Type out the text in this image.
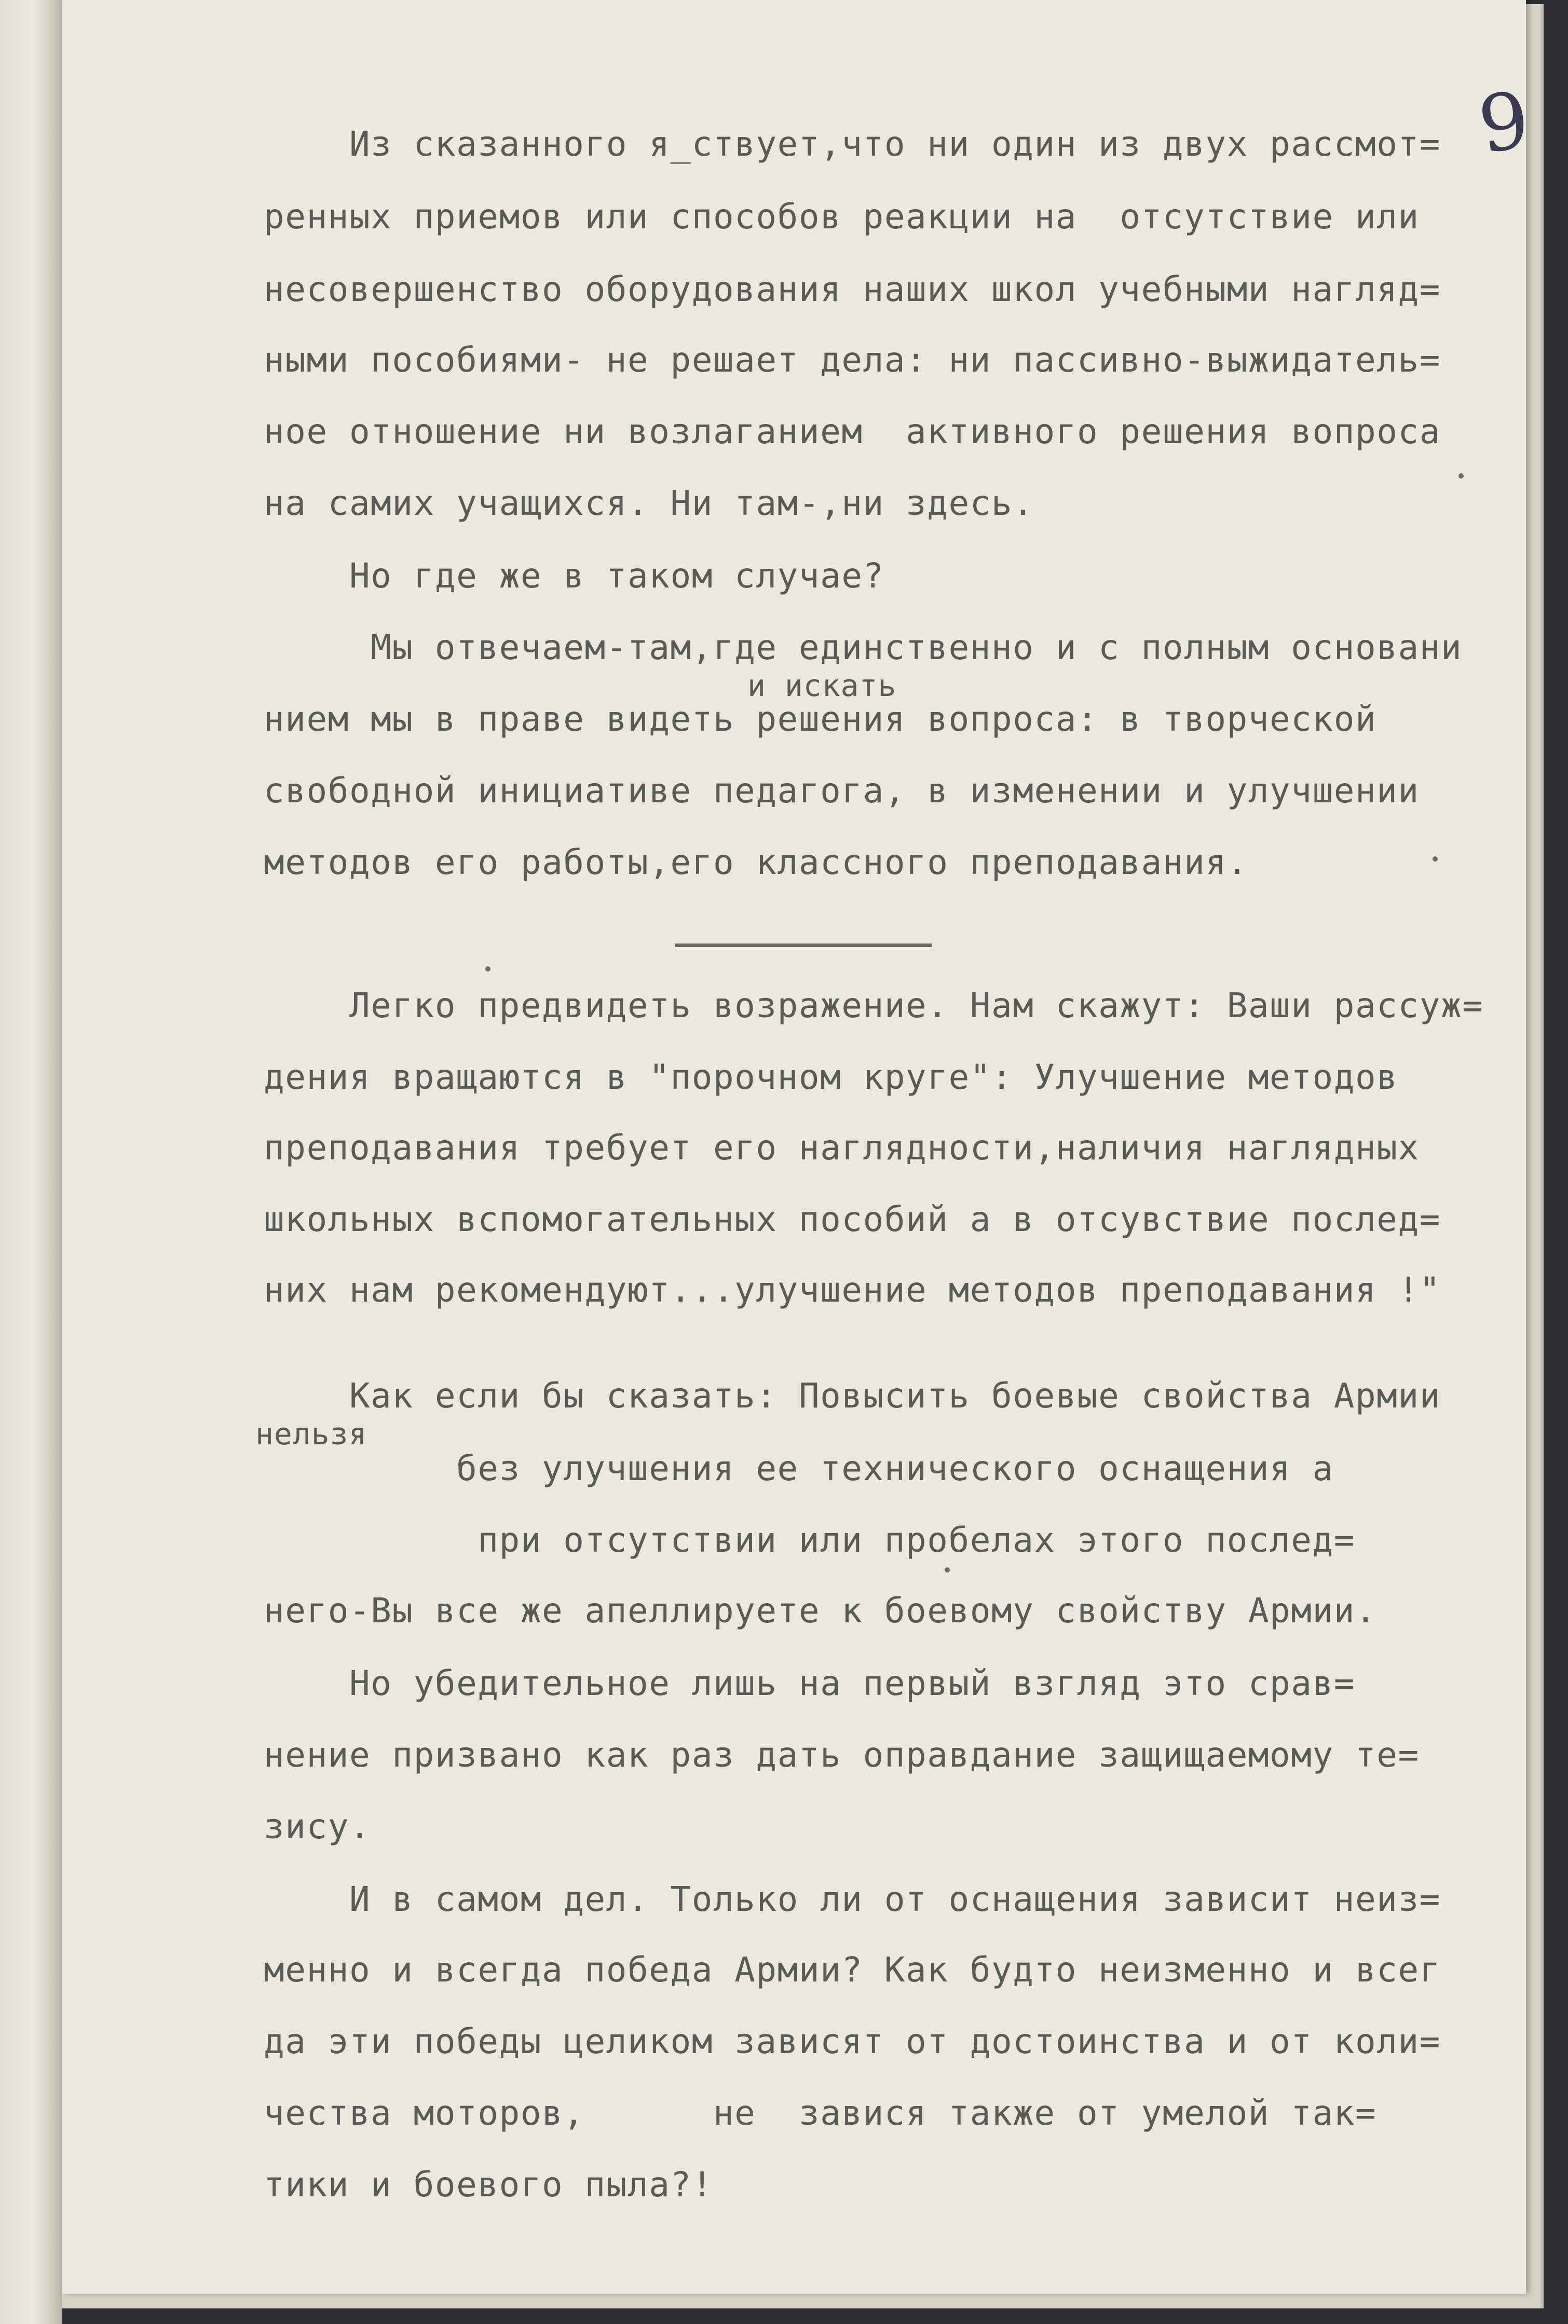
9

Из сказанного я_ствует,что ни один из двух рассмот=

ренных приемов или способов реакции на  отсутствие или

несовершенство оборудования наших школ учебными нагляд=

ными пособиями- не решает дела: ни пассивно-выжидатель=

ное отношение ни возлаганием  активного решения вопроса

на самих учащихся. Ни там-,ни здесь.

Но где же в таком случае?

Мы отвечаем-там,где единственно и с полным основани

и искать

нием мы в праве видеть решения вопроса: в творческой

свободной инициативе педагога, в изменении и улучшении

методов его работы,его классного преподавания.

Легко предвидеть возражение. Нам скажут: Ваши рассуж=

дения вращаются в "порочном круге": Улучшение методов

преподавания требует его наглядности,наличия наглядных

школьных вспомогательных пособий а в отсувствие послед=

них нам рекомендуют...улучшение методов преподавания !"

Как если бы сказать: Повысить боевые свойства Армии

нельзя

без улучшения ее технического оснащения а

при отсутствии или пробелах этого послед=

него-Вы все же апеллируете к боевому свойству Армии.

Но убедительное лишь на первый взгляд это срав=

нение призвано как раз дать оправдание защищаемому те=

зису.

И в самом дел. Только ли от оснащения зависит неиз=

менно и всегда победа Армии? Как будто неизменно и всег

да эти победы целиком зависят от достоинства и от коли=

чества моторов,      не  завися также от умелой так=

тики и боевого пыла?!
